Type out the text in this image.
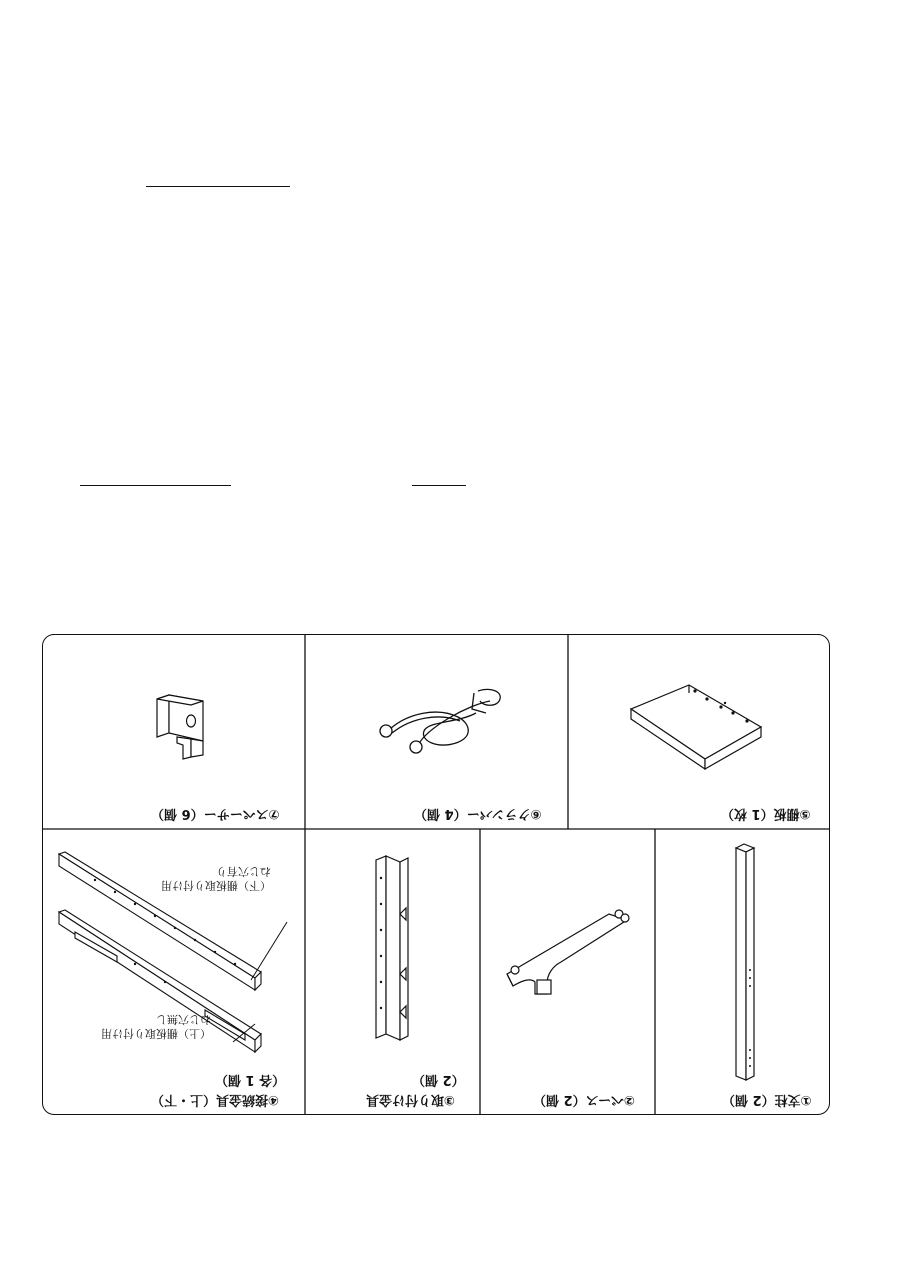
⑦スペーサー（6 個）	⑥クランパー（4 個）	⑤棚板（1 枚）
（下）棚板取り付け用
ねじ穴有り
（上）棚板取り付け用
ねじ穴無し
（各 1 個）
④接続金具（上・下）
（2 個）
③取り付け金具	②ベース（2 個）	①支柱（2 個）
